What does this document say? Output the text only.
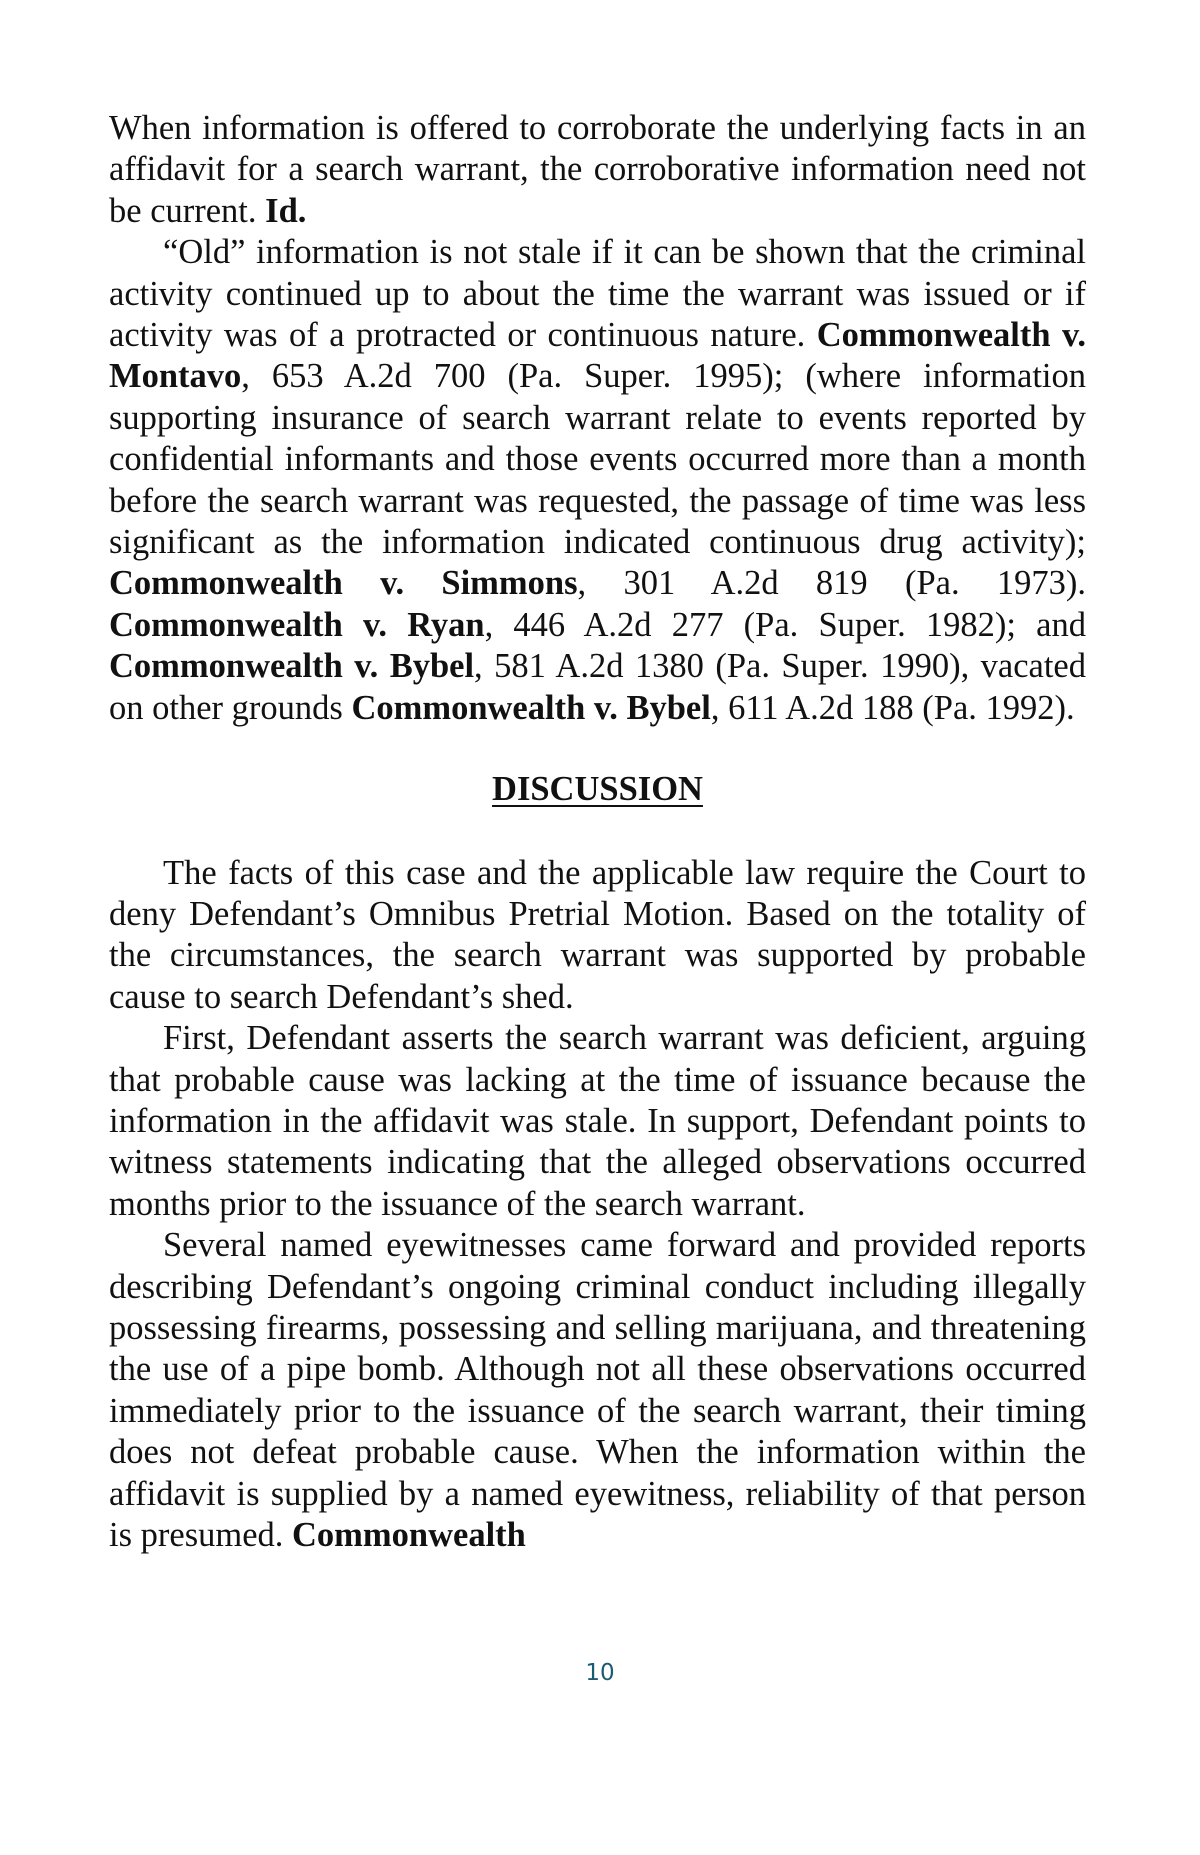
When information is offered to corroborate the underlying facts in an affidavit for a search warrant, the corroborative information need not be current. Id.

“Old” information is not stale if it can be shown that the criminal activity continued up to about the time the warrant was issued or if activity was of a protracted or continuous nature. Commonwealth v. Montavo, 653 A.2d 700 (Pa. Super. 1995); (where information supporting insurance of search warrant relate to events reported by confidential informants and those events occurred more than a month before the search warrant was requested, the passage of time was less significant as the information indicated continuous drug activity); Commonwealth v. Simmons, 301 A.2d 819 (Pa. 1973). Commonwealth v. Ryan, 446 A.2d 277 (Pa. Super. 1982); and Commonwealth v. Bybel, 581 A.2d 1380 (Pa. Super. 1990), vacated on other grounds Commonwealth v. Bybel, 611 A.2d 188 (Pa. 1992).

DISCUSSION

The facts of this case and the applicable law require the Court to deny Defendant’s Omnibus Pretrial Motion. Based on the totality of the circumstances, the search warrant was supported by probable cause to search Defendant’s shed.

First, Defendant asserts the search warrant was deficient, arguing that probable cause was lacking at the time of issuance because the information in the affidavit was stale. In support, Defendant points to witness statements indicating that the alleged observations occurred months prior to the issuance of the search warrant.

Several named eyewitnesses came forward and provided reports describing Defendant’s ongoing criminal conduct including illegally possessing firearms, possessing and selling marijuana, and threatening the use of a pipe bomb. Although not all these observations occurred immediately prior to the issuance of the search warrant, their timing does not defeat probable cause. When the information within the affidavit is supplied by a named eyewitness, reliability of that person is presumed. Commonwealth

10
